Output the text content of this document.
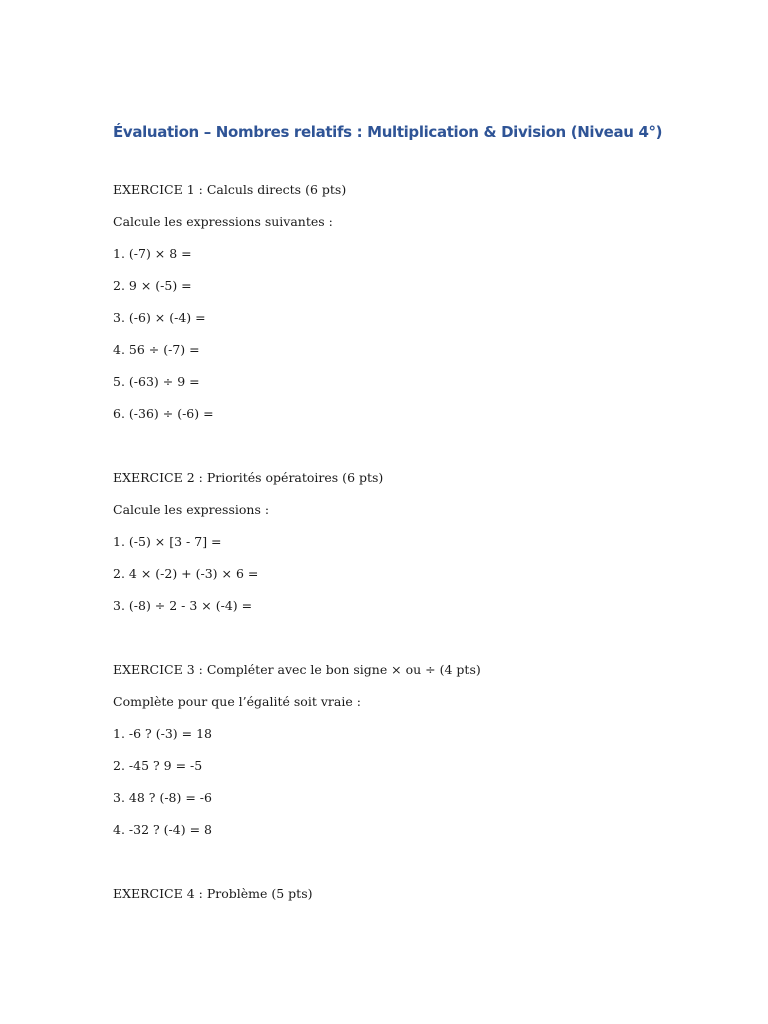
Évaluation – Nombres relatifs : Multiplication & Division (Niveau 4°)

EXERCICE 1 : Calculs directs (6 pts)

Calcule les expressions suivantes :

1. (-7) × 8 =

2. 9 × (-5) =

3. (-6) × (-4) =

4. 56 ÷ (-7) =

5. (-63) ÷ 9 =

6. (-36) ÷ (-6) =

EXERCICE 2 : Priorités opératoires (6 pts)

Calcule les expressions :

1. (-5) × [3 - 7] =

2. 4 × (-2) + (-3) × 6 =

3. (-8) ÷ 2 - 3 × (-4) =

EXERCICE 3 : Compléter avec le bon signe × ou ÷ (4 pts)

Complète pour que l’égalité soit vraie :

1. -6 ? (-3) = 18

2. -45 ? 9 = -5

3. 48 ? (-8) = -6

4. -32 ? (-4) = 8

EXERCICE 4 : Problème (5 pts)
